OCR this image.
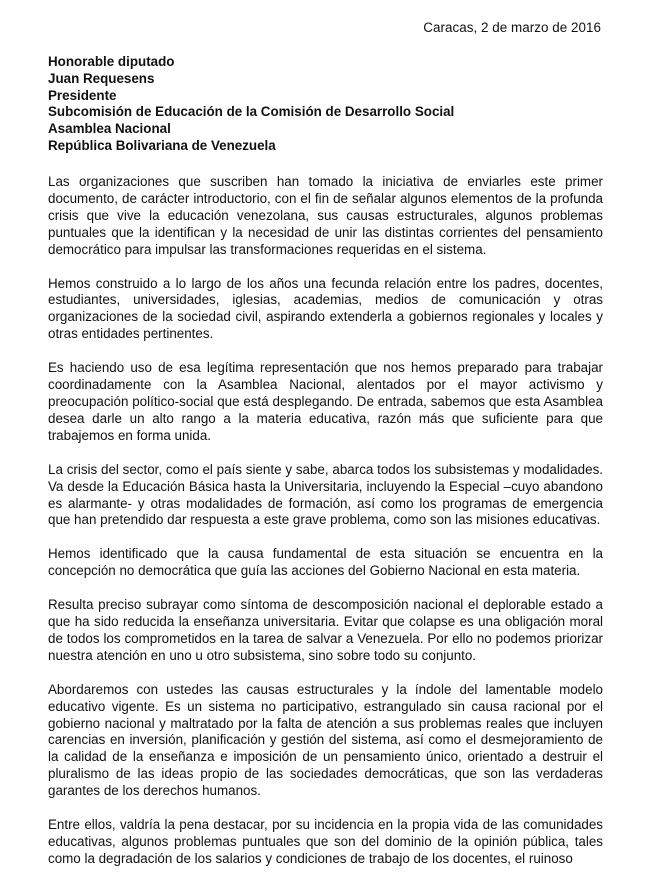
Caracas, 2 de marzo de 2016
Honorable diputado
Juan Requesens
Presidente
Subcomisión de Educación de la Comisión de Desarrollo Social
Asamblea Nacional
República Bolivariana de Venezuela

Las organizaciones que suscriben han tomado la iniciativa de enviarles este primer documento, de carácter introductorio, con el fin de señalar algunos elementos de la profunda crisis que vive la educación venezolana, sus causas estructurales, algunos problemas puntuales que la identifican y la necesidad de unir las distintas corrientes del pensamiento democrático para impulsar las transformaciones requeridas en el sistema.

Hemos construido a lo largo de los años una fecunda relación entre los padres, docentes, estudiantes, universidades, iglesias, academias, medios de comunicación y otras organizaciones de la sociedad civil, aspirando extenderla a gobiernos regionales y locales y otras entidades pertinentes.

Es haciendo uso de esa legítima representación que nos hemos preparado para trabajar coordinadamente con la Asamblea Nacional, alentados por el mayor activismo y preocupación político-social que está desplegando. De entrada, sabemos que esta Asamblea desea darle un alto rango a la materia educativa, razón más que suficiente para que trabajemos en forma unida.

La crisis del sector, como el país siente y sabe, abarca todos los subsistemas y modalidades. Va desde la Educación Básica hasta la Universitaria, incluyendo la Especial –cuyo abandono es alarmante- y otras modalidades de formación, así como los programas de emergencia que han pretendido dar respuesta a este grave problema, como son las misiones educativas.

Hemos identificado que la causa fundamental de esta situación se encuentra en la concepción no democrática que guía las acciones del Gobierno Nacional en esta materia.

Resulta preciso subrayar como síntoma de descomposición nacional el deplorable estado a que ha sido reducida la enseñanza universitaria. Evitar que colapse es una obligación moral de todos los comprometidos en la tarea de salvar a Venezuela. Por ello no podemos priorizar nuestra atención en uno u otro subsistema, sino sobre todo su conjunto.

Abordaremos con ustedes las causas estructurales y la índole del lamentable modelo educativo vigente. Es un sistema no participativo, estrangulado sin causa racional por el gobierno nacional y maltratado por la falta de atención a sus problemas reales que incluyen carencias en inversión, planificación y gestión del sistema, así como el desmejoramiento de la calidad de la enseñanza e imposición de un pensamiento único, orientado a destruir el pluralismo de las ideas propio de las sociedades democráticas, que son las verdaderas garantes de los derechos humanos.

Entre ellos, valdría la pena destacar, por su incidencia en la propia vida de las comunidades educativas, algunos problemas puntuales que son del dominio de la opinión pública, tales como la degradación de los salarios y condiciones de trabajo de los docentes, el ruinoso
